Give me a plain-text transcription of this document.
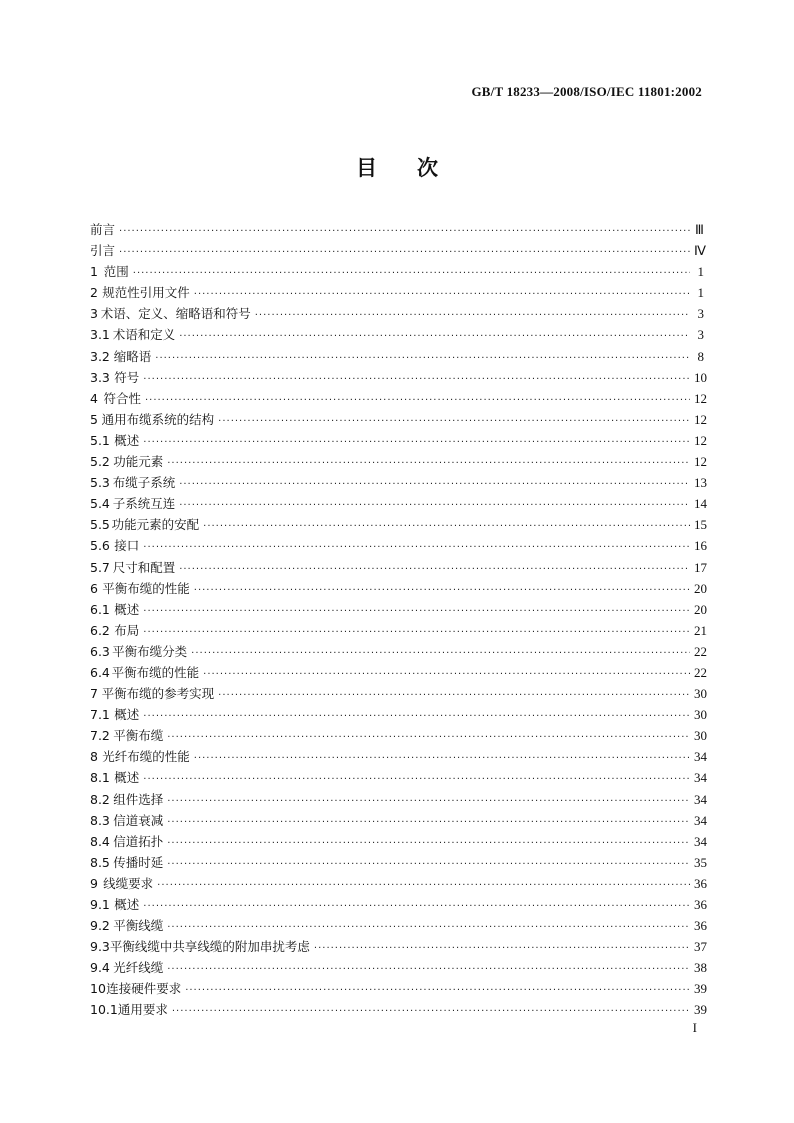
GB/T 18233—2008/ISO/IEC 11801:2002
目 次
前言 ·····	Ⅲ
引言 ·····	Ⅳ
1 范围 ·····	1
2 规范性引用文件 ·····	1
3 术语、定义、缩略语和符号 ·····	3
3.1 术语和定义 ·····	3
3.2 缩略语 ·····	8
3.3 符号 ·····	10
4 符合性 ·····	12
5 通用布缆系统的结构 ·····	12
5.1 概述 ·····	12
5.2 功能元素 ·····	12
5.3 布缆子系统 ·····	13
5.4 子系统互连 ·····	14
5.5 功能元素的安配 ·····	15
5.6 接口 ·····	16
5.7 尺寸和配置 ·····	17
6 平衡布缆的性能 ·····	20
6.1 概述 ·····	20
6.2 布局 ·····	21
6.3 平衡布缆分类 ·····	22
6.4 平衡布缆的性能 ·····	22
7 平衡布缆的参考实现 ·····	30
7.1 概述 ·····	30
7.2 平衡布缆 ·····	30
8 光纤布缆的性能 ·····	34
8.1 概述 ·····	34
8.2 组件选择 ·····	34
8.3 信道衰减 ·····	34
8.4 信道拓扑 ·····	34
8.5 传播时延 ·····	35
9 线缆要求 ·····	36
9.1 概述 ·····	36
9.2 平衡线缆 ·····	36
9.3 平衡线缆中共享线缆的附加串扰考虑 ·····	37
9.4 光纤线缆 ·····	38
10 连接硬件要求 ·····	39
10.1 通用要求 ·····	39
I
